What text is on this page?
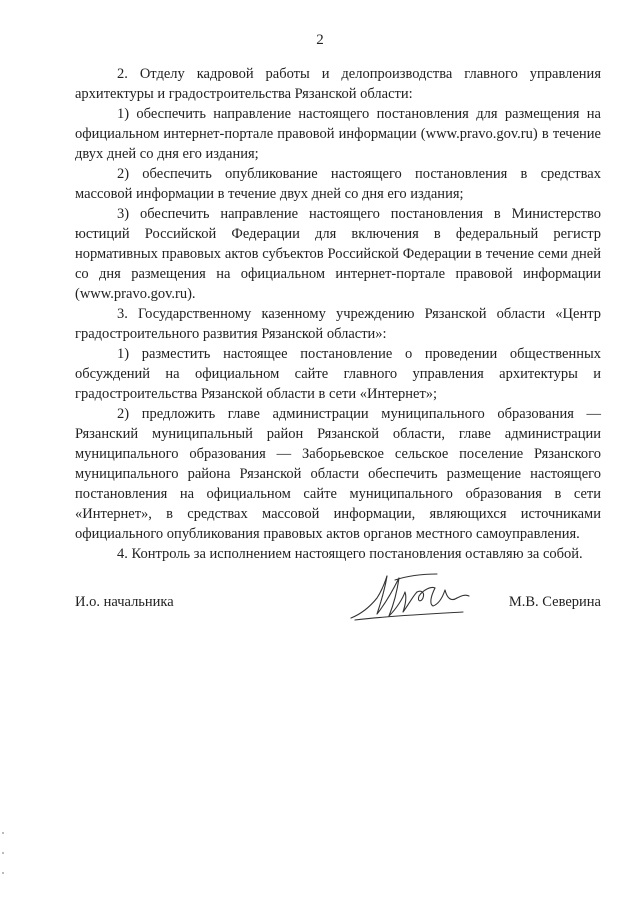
2

2. Отделу кадровой работы и делопроизводства главного управления архитектуры и градостроительства Рязанской области:

1) обеспечить направление настоящего постановления для размещения на официальном интернет-портале правовой информации (www.pravo.gov.ru) в течение двух дней со дня его издания;

2) обеспечить опубликование настоящего постановления в средствах массовой информации в течение двух дней со дня его издания;

3) обеспечить направление настоящего постановления в Министерство юстиций Российской Федерации для включения в федеральный регистр нормативных правовых актов субъектов Российской Федерации в течение семи дней со дня размещения на официальном интернет-портале правовой информации (www.pravo.gov.ru).

3. Государственному казенному учреждению Рязанской области «Центр градостроительного развития Рязанской области»:

1) разместить настоящее постановление о проведении общественных обсуждений на официальном сайте главного управления архитектуры и градостроительства Рязанской области в сети «Интернет»;

2) предложить главе администрации муниципального образования — Рязанский муниципальный район Рязанской области, главе администрации муниципального образования — Заборьевское сельское поселение Рязанского муниципального района Рязанской области обеспечить размещение настоящего постановления на официальном сайте муниципального образования в сети «Интернет», в средствах массовой информации, являющихся источниками официального опубликования правовых актов органов местного самоуправления.

4. Контроль за исполнением настоящего постановления оставляю за собой.

И.о. начальника	М.В. Северина
